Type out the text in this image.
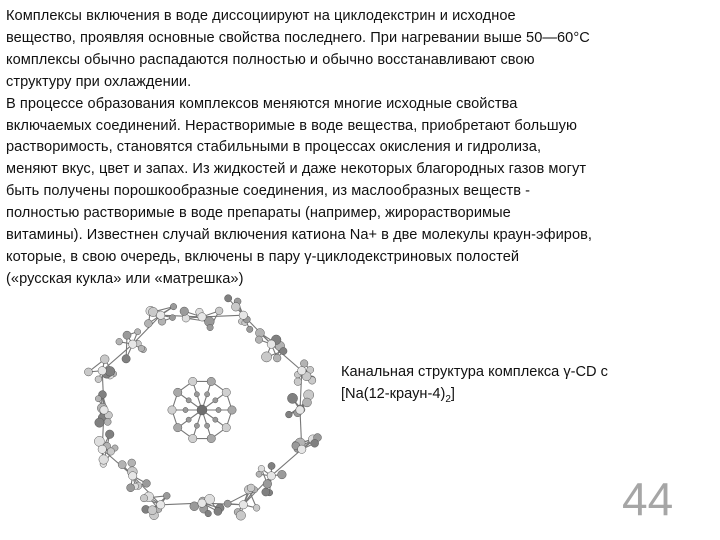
Комплексы включения в воде диссоциируют на циклодекстрин и исходное
вещество, проявляя основные свойства последнего. При нагревании выше 50—60°С
комплексы обычно распадаются полностью и обычно восстанавливают свою
структуру при охлаждении.

В процессе образования комплексов меняются многие исходные свойства
включаемых соединений. Нерастворимые в воде вещества, приобретают большую
растворимость, становятся стабильными в процессах окисления и гидролиза,
меняют вкус, цвет и запах. Из жидкостей и даже некоторых благородных газов могут
быть получены порошкообразные соединения, из маслообразных веществ -
полностью растворимые в воде препараты (например, жирорастворимые
витамины). Известнен случай включения катиона Na+ в две молекулы краун-эфиров,
которые, в свою очередь, включены в пару γ-циклодекстриновых полостей
(«русская кукла» или «матрешка»)

Канальная структура комплекса γ-CD с
$[Na(12-краун-4)_2]$

44
